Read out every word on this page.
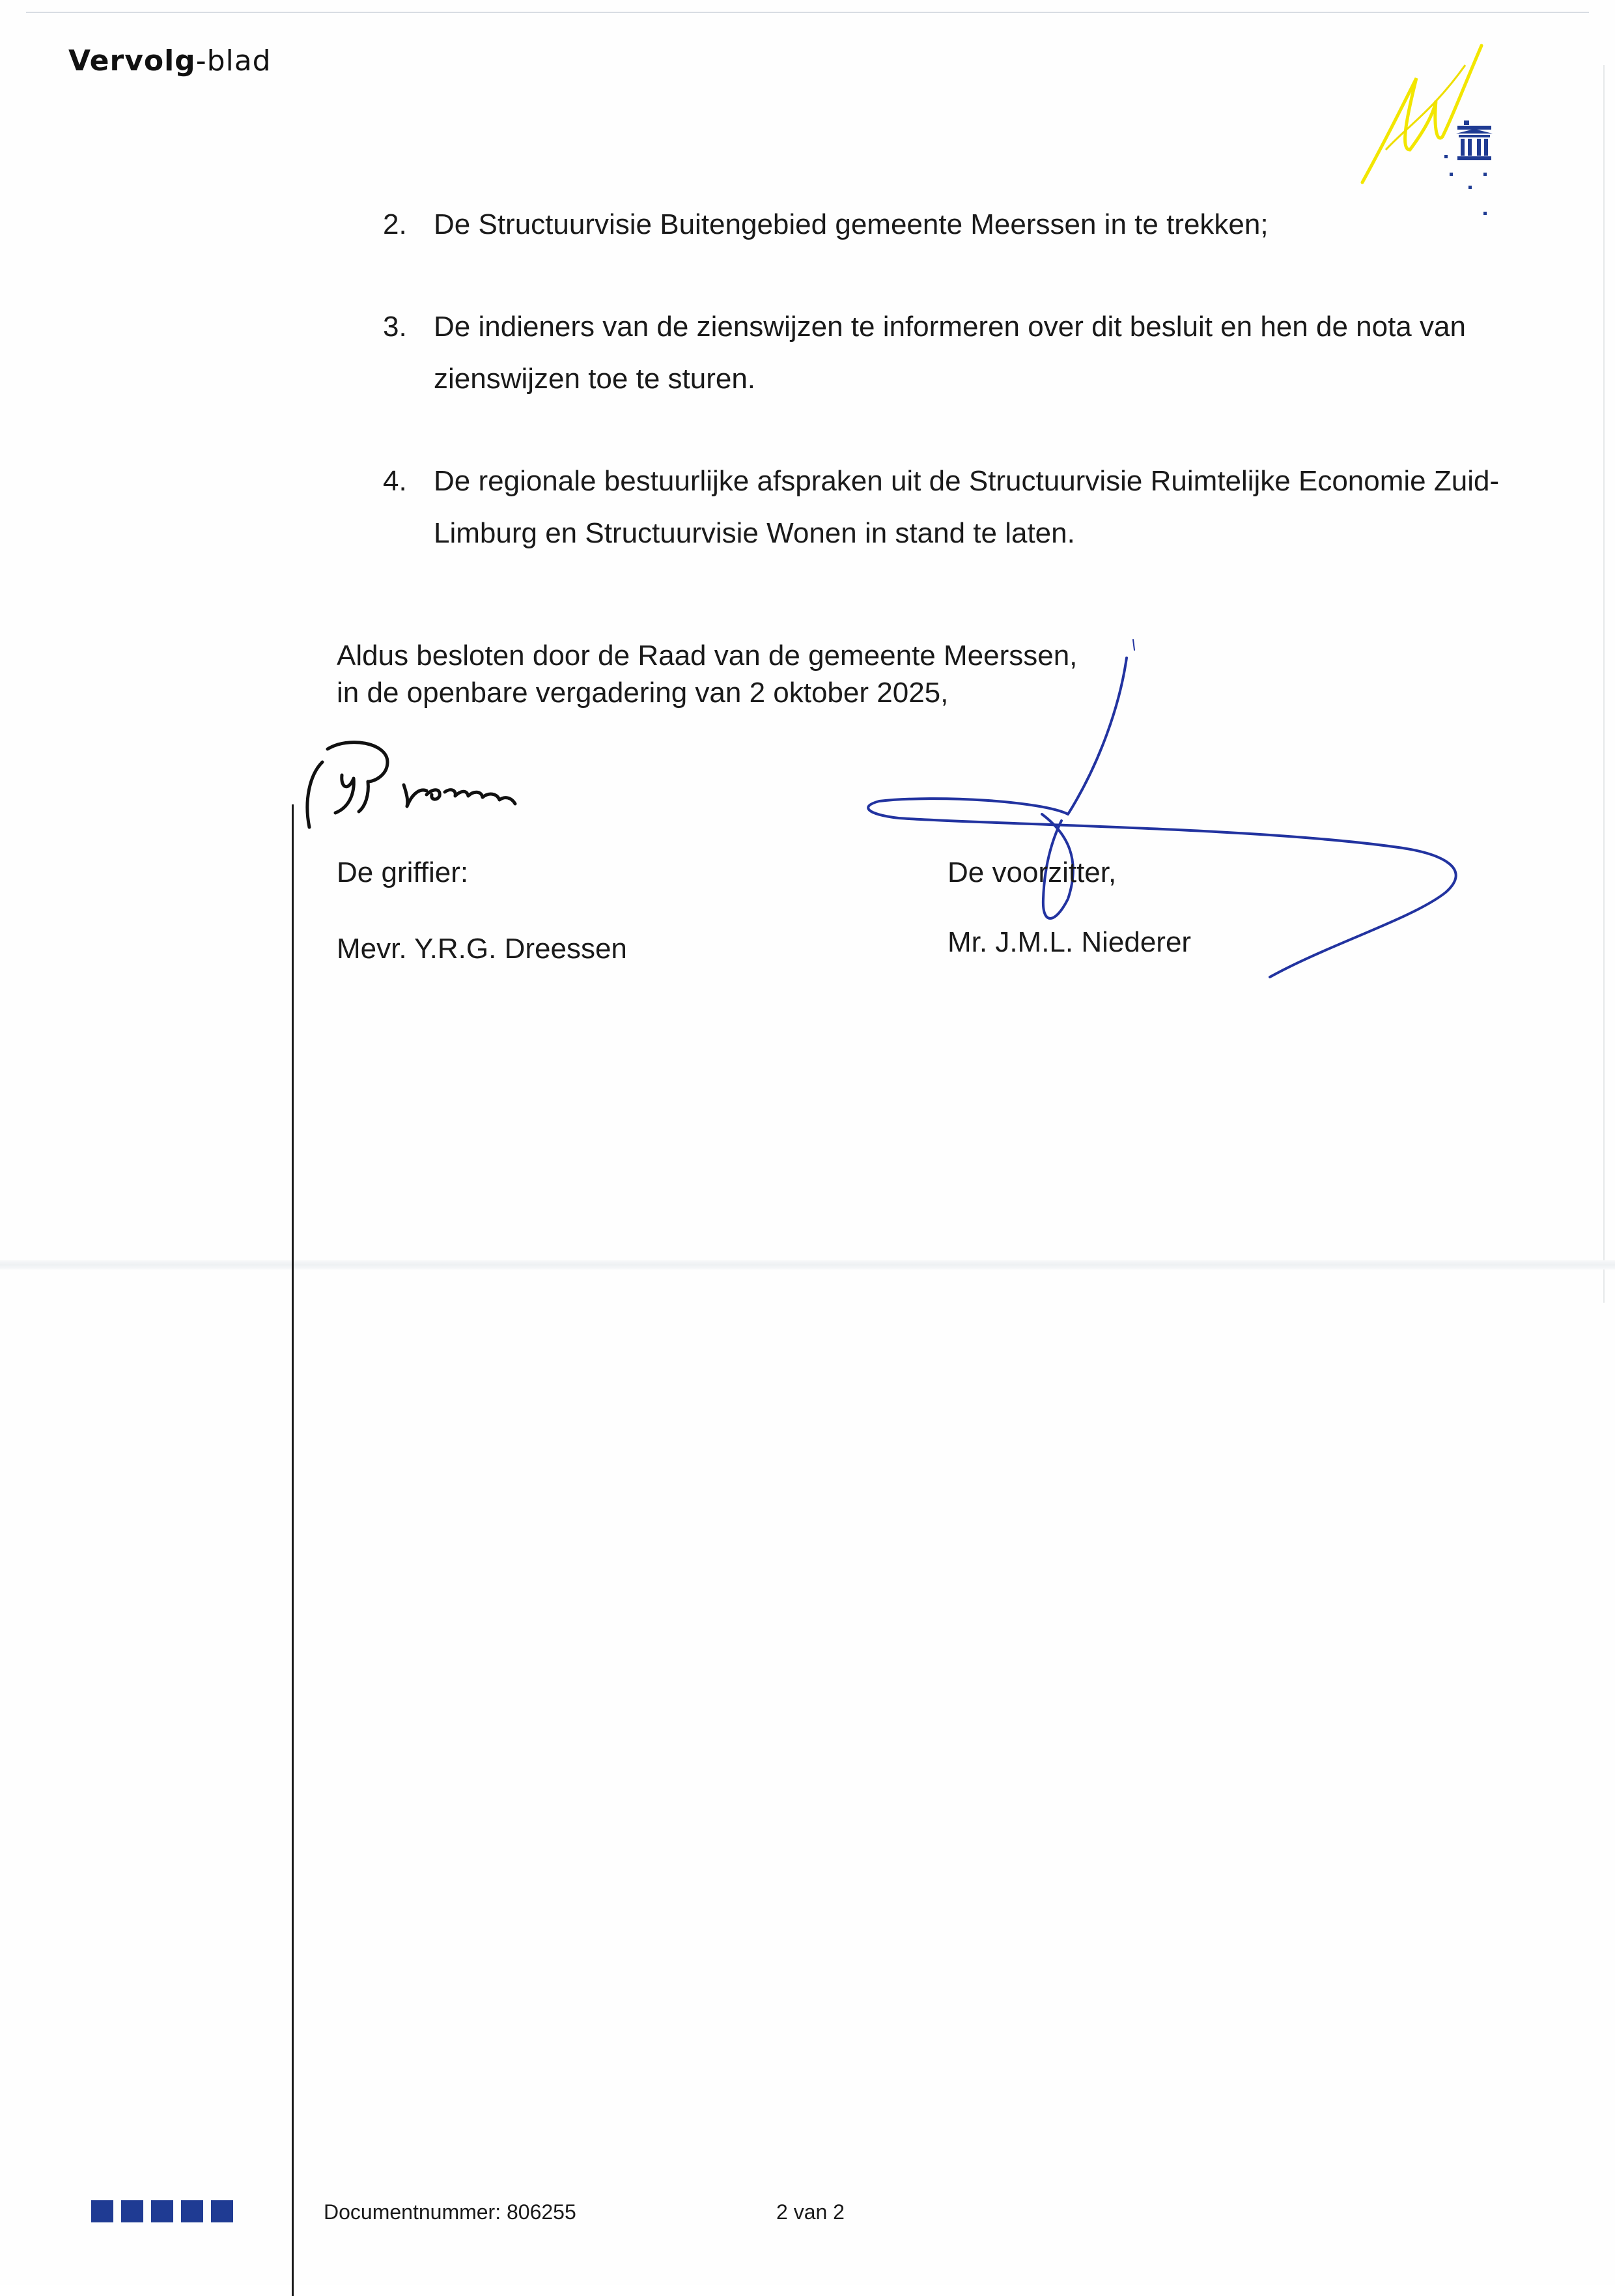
Vervolg-blad
2. De Structuurvisie Buitengebied gemeente Meerssen in te trekken;
3. De indieners van de zienswijzen te informeren over dit besluit en hen de nota van zienswijzen toe te sturen.
4. De regionale bestuurlijke afspraken uit de Structuurvisie Ruimtelijke Economie Zuid-Limburg en Structuurvisie Wonen in stand te laten.
Aldus besloten door de Raad van de gemeente Meerssen,
in de openbare vergadering van 2 oktober 2025,
De griffier:
Mevr. Y.R.G. Dreessen
De voorzitter,
Mr. J.M.L. Niederer
Documentnummer: 806255	2 van 2
